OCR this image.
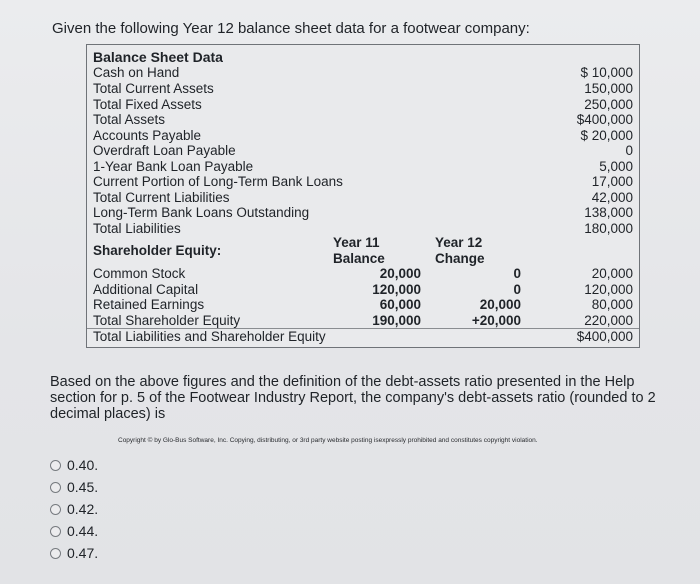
Given the following Year 12 balance sheet data for a footwear company:
Balance Sheet Data
Cash on Hand	$ 10,000
Total Current Assets	150,000
Total Fixed Assets	250,000
Total Assets	$400,000
Accounts Payable	$ 20,000
Overdraft Loan Payable	0
1-Year Bank Loan Payable	5,000
Current Portion of Long-Term Bank Loans	17,000
Total Current Liabilities	42,000
Long-Term Bank Loans Outstanding	138,000
Total Liabilities	180,000
Shareholder Equity:
Year 11 Balance
Year 12 Change
Common Stock	20,000	0	20,000
Additional Capital	120,000	0	120,000
Retained Earnings	60,000	20,000	80,000
Total Shareholder Equity	190,000	+20,000	220,000
Total Liabilities and Shareholder Equity	$400,000
Based on the above figures and the definition of the debt-assets ratio presented in the Help section for p. 5 of the Footwear Industry Report, the company's debt-assets ratio (rounded to 2 decimal places) is
Copyright © by Glo-Bus Software, Inc. Copying, distributing, or 3rd party website posting isexpressly prohibited and constitutes copyright violation.
0.40.
0.45.
0.42.
0.44.
0.47.
